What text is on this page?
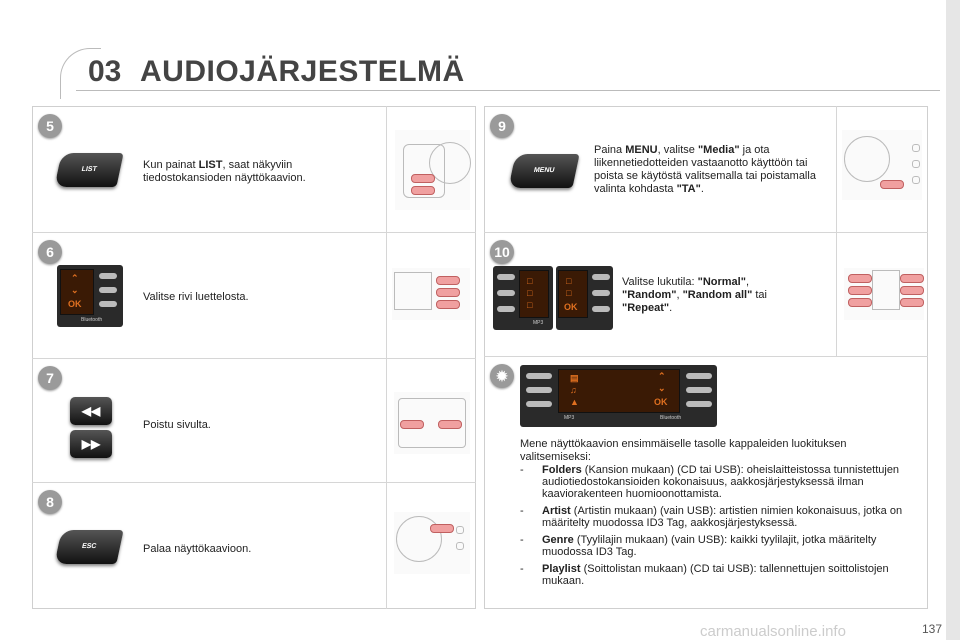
03 AUDIOJÄRJESTELMÄ
5
LIST	Kun painat LIST, saat näkyviin tiedostokansioden näyttökaavion.
6
⌃
⌄
OK
Bluetooth
Valitse rivi luettelosta.
7
◀◀
▶▶
Poistu sivulta.
8
ESC	Palaa näyttökaavioon.
9
MENU
Paina MENU, valitse "Media" ja ota liikennetiedotteiden vastaanotto käyttöön tai poista se käytöstä valitsemalla tai poistamalla valinta kohdasta "TA".
10
□
□
□
MP3
□
□
OK
Valitse lukutila: "Normal",
"Random", "Random all" tai
"Repeat".
✹	▤
♫
▲
⌃
⌄
OK
MP3	Bluetooth
Mene näyttökaavion ensimmäiselle tasolle kappaleiden luokituksen valitsemiseksi:
- Folders (Kansion mukaan) (CD tai USB): oheislaitteistossa tunnistettujen audiotiedostokansioiden kokonaisuus, aakkosjärjestyksessä ilman kaaviorakenteen huomioonottamista.
- Artist (Artistin mukaan) (vain USB): artistien nimien kokonaisuus, jotka on määritelty muodossa ID3 Tag, aakkosjärjestyksessä.
- Genre (Tyylilajin mukaan) (vain USB): kaikki tyylilajit, jotka määritelty muodossa ID3 Tag.
- Playlist (Soittolistan mukaan) (CD tai USB): tallennettujen soittolistojen mukaan.
carmanualsonline.info	137
